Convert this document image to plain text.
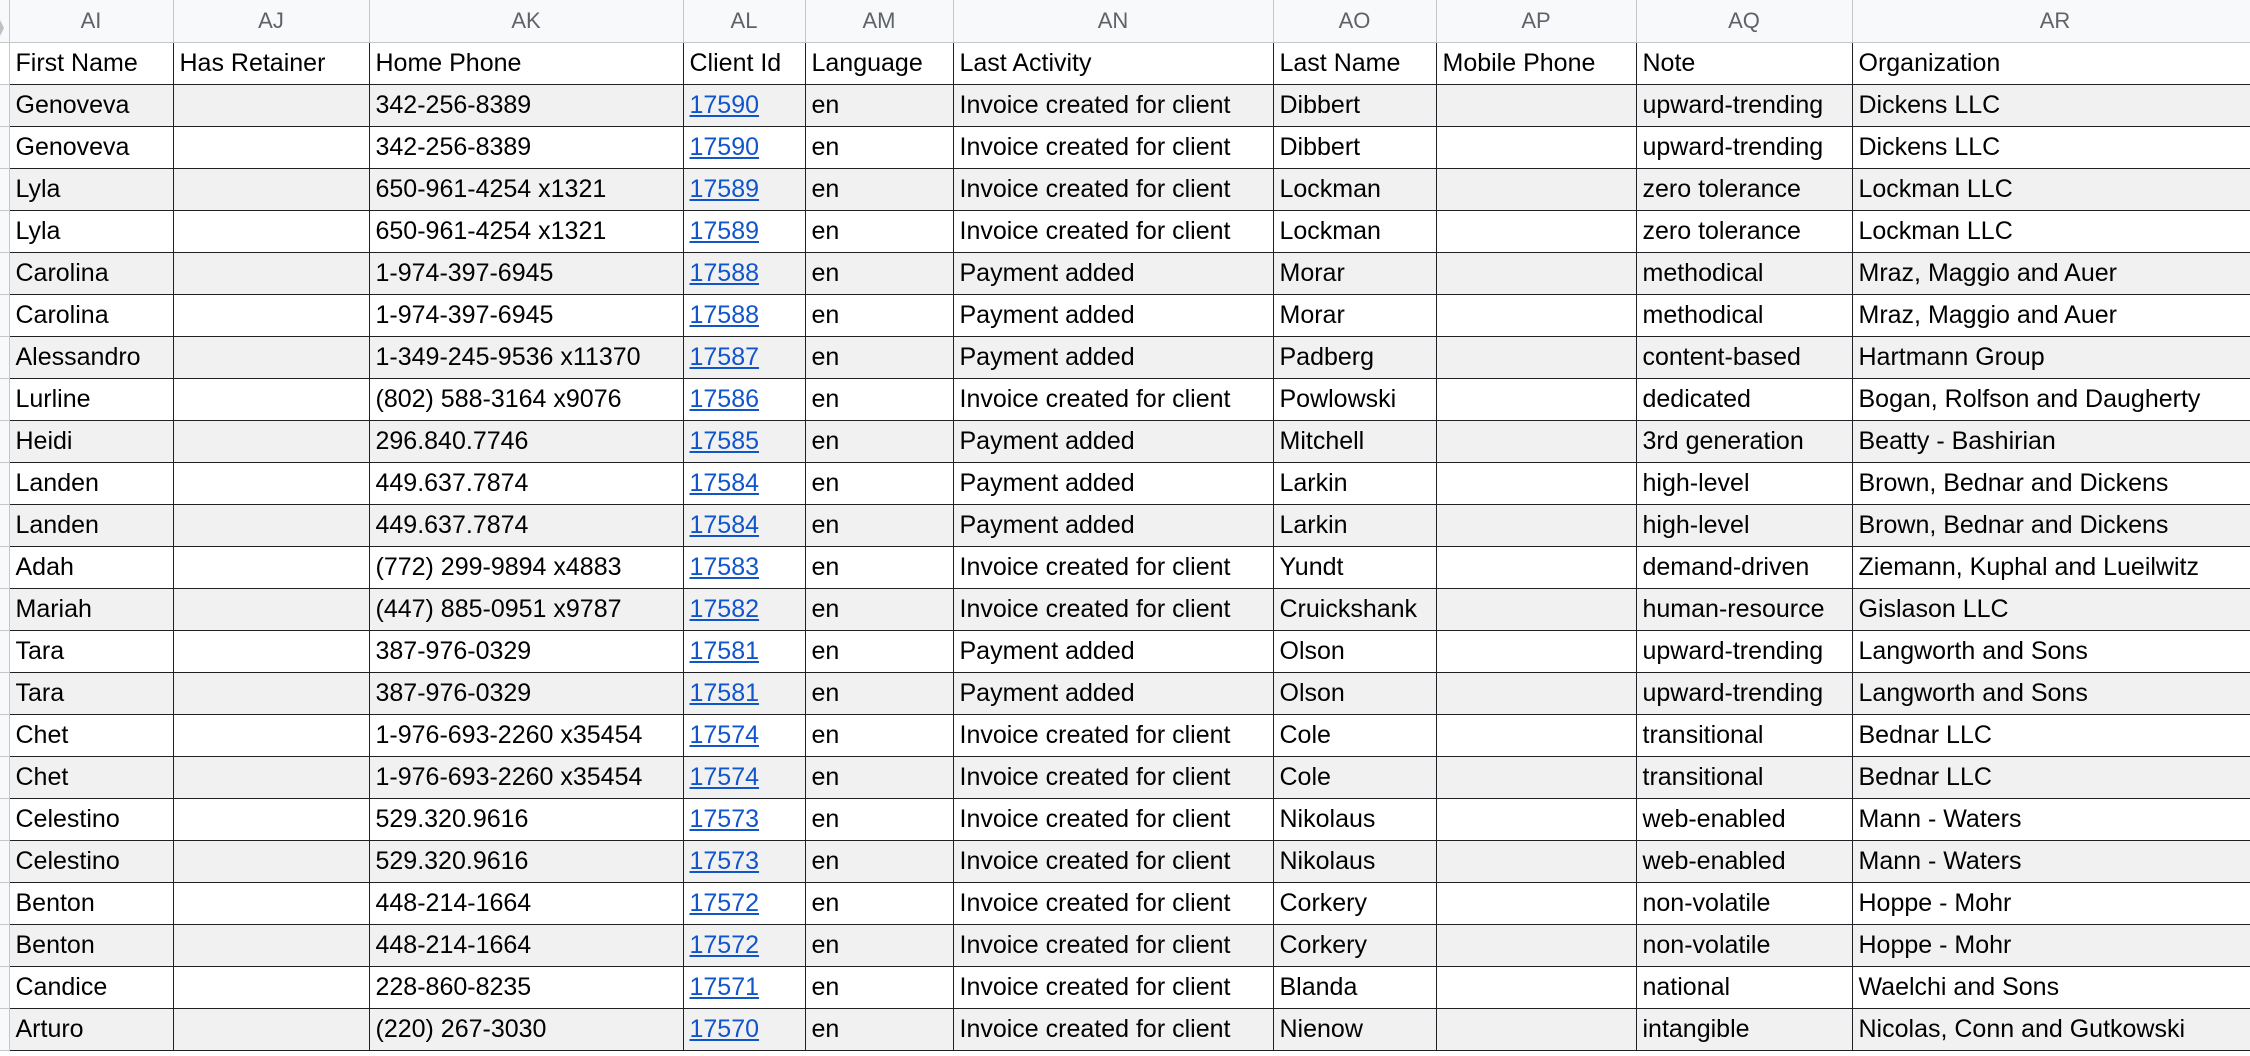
	AI	AJ	AK	AL	AM	AN	AO	AP	AQ	AR
	First Name	Has Retainer	Home Phone	Client Id	Language	Last Activity	Last Name	Mobile Phone	Note	Organization
	Genoveva		342-256-8389	17590	en	Invoice created for client	Dibbert		upward-trending	Dickens LLC
	Genoveva		342-256-8389	17590	en	Invoice created for client	Dibbert		upward-trending	Dickens LLC
	Lyla		650-961-4254 x1321	17589	en	Invoice created for client	Lockman		zero tolerance	Lockman LLC
	Lyla		650-961-4254 x1321	17589	en	Invoice created for client	Lockman		zero tolerance	Lockman LLC
	Carolina		1-974-397-6945	17588	en	Payment added	Morar		methodical	Mraz, Maggio and Auer
	Carolina		1-974-397-6945	17588	en	Payment added	Morar		methodical	Mraz, Maggio and Auer
	Alessandro		1-349-245-9536 x11370	17587	en	Payment added	Padberg		content-based	Hartmann Group
	Lurline		(802) 588-3164 x9076	17586	en	Invoice created for client	Powlowski		dedicated	Bogan, Rolfson and Daugherty
	Heidi		296.840.7746	17585	en	Payment added	Mitchell		3rd generation	Beatty - Bashirian
	Landen		449.637.7874	17584	en	Payment added	Larkin		high-level	Brown, Bednar and Dickens
	Landen		449.637.7874	17584	en	Payment added	Larkin		high-level	Brown, Bednar and Dickens
	Adah		(772) 299-9894 x4883	17583	en	Invoice created for client	Yundt		demand-driven	Ziemann, Kuphal and Lueilwitz
	Mariah		(447) 885-0951 x9787	17582	en	Invoice created for client	Cruickshank		human-resource	Gislason LLC
	Tara		387-976-0329	17581	en	Payment added	Olson		upward-trending	Langworth and Sons
	Tara		387-976-0329	17581	en	Payment added	Olson		upward-trending	Langworth and Sons
	Chet		1-976-693-2260 x35454	17574	en	Invoice created for client	Cole		transitional	Bednar LLC
	Chet		1-976-693-2260 x35454	17574	en	Invoice created for client	Cole		transitional	Bednar LLC
	Celestino		529.320.9616	17573	en	Invoice created for client	Nikolaus		web-enabled	Mann - Waters
	Celestino		529.320.9616	17573	en	Invoice created for client	Nikolaus		web-enabled	Mann - Waters
	Benton		448-214-1664	17572	en	Invoice created for client	Corkery		non-volatile	Hoppe - Mohr
	Benton		448-214-1664	17572	en	Invoice created for client	Corkery		non-volatile	Hoppe - Mohr
	Candice		228-860-8235	17571	en	Invoice created for client	Blanda		national	Waelchi and Sons
	Arturo		(220) 267-3030	17570	en	Invoice created for client	Nienow		intangible	Nicolas, Conn and Gutkowski
